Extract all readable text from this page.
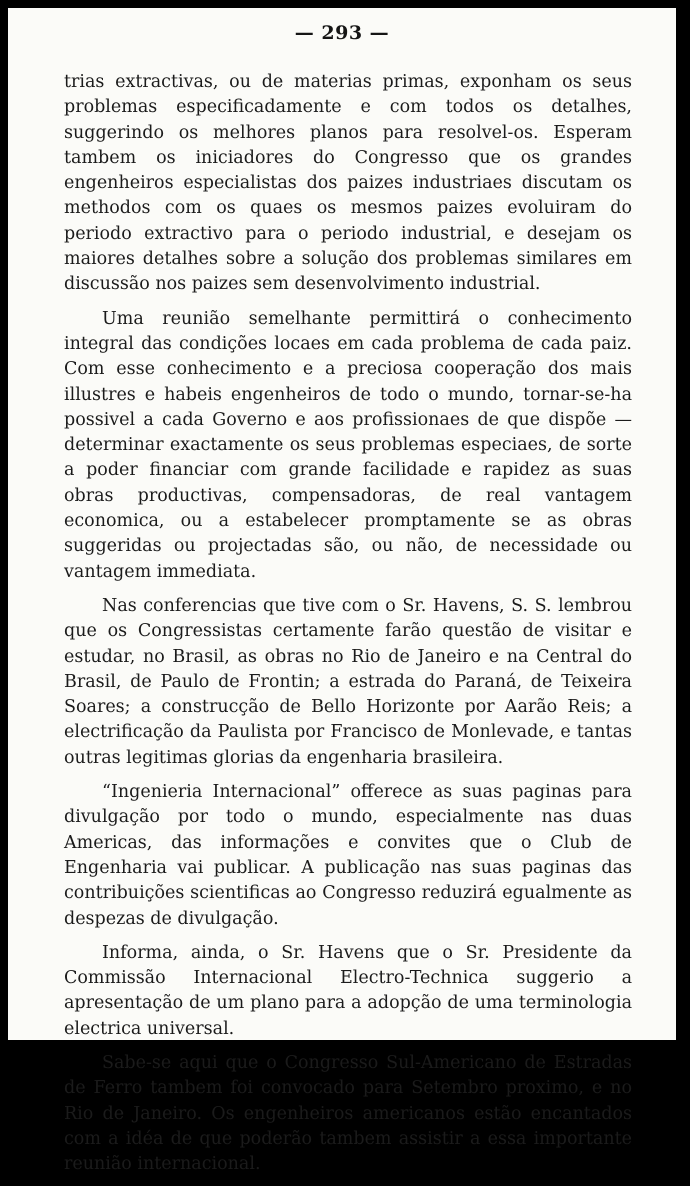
— 293 —

trias extractivas, ou de materias primas, exponham os seus problemas especificadamente e com todos os detalhes, suggerindo os melhores planos para resolvel-os. Esperam tambem os iniciadores do Congresso que os grandes engenheiros especialistas dos paizes industriaes discutam os methodos com os quaes os mesmos paizes evoluiram do periodo extractivo para o periodo industrial, e desejam os maiores detalhes sobre a solução dos problemas similares em discussão nos paizes sem desenvolvimento industrial.

Uma reunião semelhante permittirá o conhecimento integral das condições locaes em cada problema de cada paiz. Com esse conhecimento e a preciosa cooperação dos mais illustres e habeis engenheiros de todo o mundo, tornar-se-ha possivel a cada Governo e aos profissionaes de que dispõe — determinar exactamente os seus problemas especiaes, de sorte a poder financiar com grande facilidade e rapidez as suas obras productivas, compensadoras, de real vantagem economica, ou a estabelecer promptamente se as obras suggeridas ou projectadas são, ou não, de necessidade ou vantagem immediata.

Nas conferencias que tive com o Sr. Havens, S. S. lembrou que os Congressistas certamente farão questão de visitar e estudar, no Brasil, as obras no Rio de Janeiro e na Central do Brasil, de Paulo de Frontin; a estrada do Paraná, de Teixeira Soares; a construcção de Bello Horizonte por Aarão Reis; a electrificação da Paulista por Francisco de Monlevade, e tantas outras legitimas glorias da engenharia brasileira.

“Ingenieria Internacional” offerece as suas paginas para divulgação por todo o mundo, especialmente nas duas Americas, das informações e convites que o Club de Engenharia vai publicar. A publicação nas suas paginas das contribuições scientificas ao Congresso reduzirá egualmente as despezas de divulgação.

Informa, ainda, o Sr. Havens que o Sr. Presidente da Commissão Internacional Electro-Technica suggerio a apresentação de um plano para a adopção de uma terminologia electrica universal.

Sabe-se aqui que o Congresso Sul-Americano de Estradas de Ferro tambem foi convocado para Setembro proximo, e no Rio de Janeiro. Os engenheiros americanos estão encantados com a idéa de que poderão tambem assistir a essa importante reunião internacional.
